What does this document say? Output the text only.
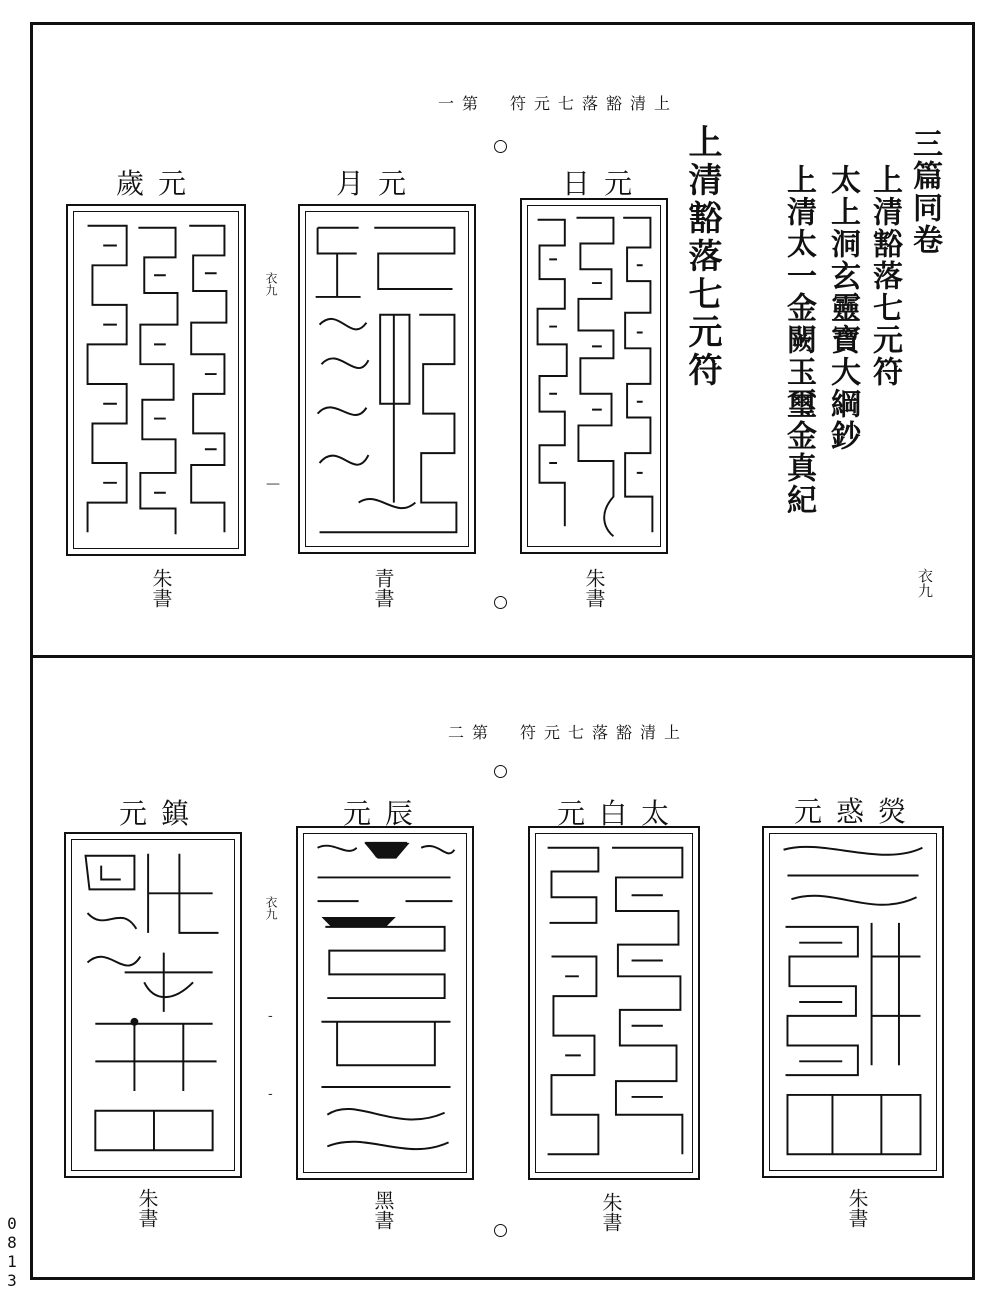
0
8
1
3
一第　符元七落豁清上
上清豁落七元符	三篇同卷
上清豁落七元符
太上洞玄靈寶大綱鈔
上清太一金闕玉璽金真紀
衣九
衣九
—
歲元
朱書
月元
青書
日元
朱書
二第　符元七落豁清上
衣九
-
-
元鎮
朱書
元辰
黑書
元白太
朱書
元惑熒
朱書
